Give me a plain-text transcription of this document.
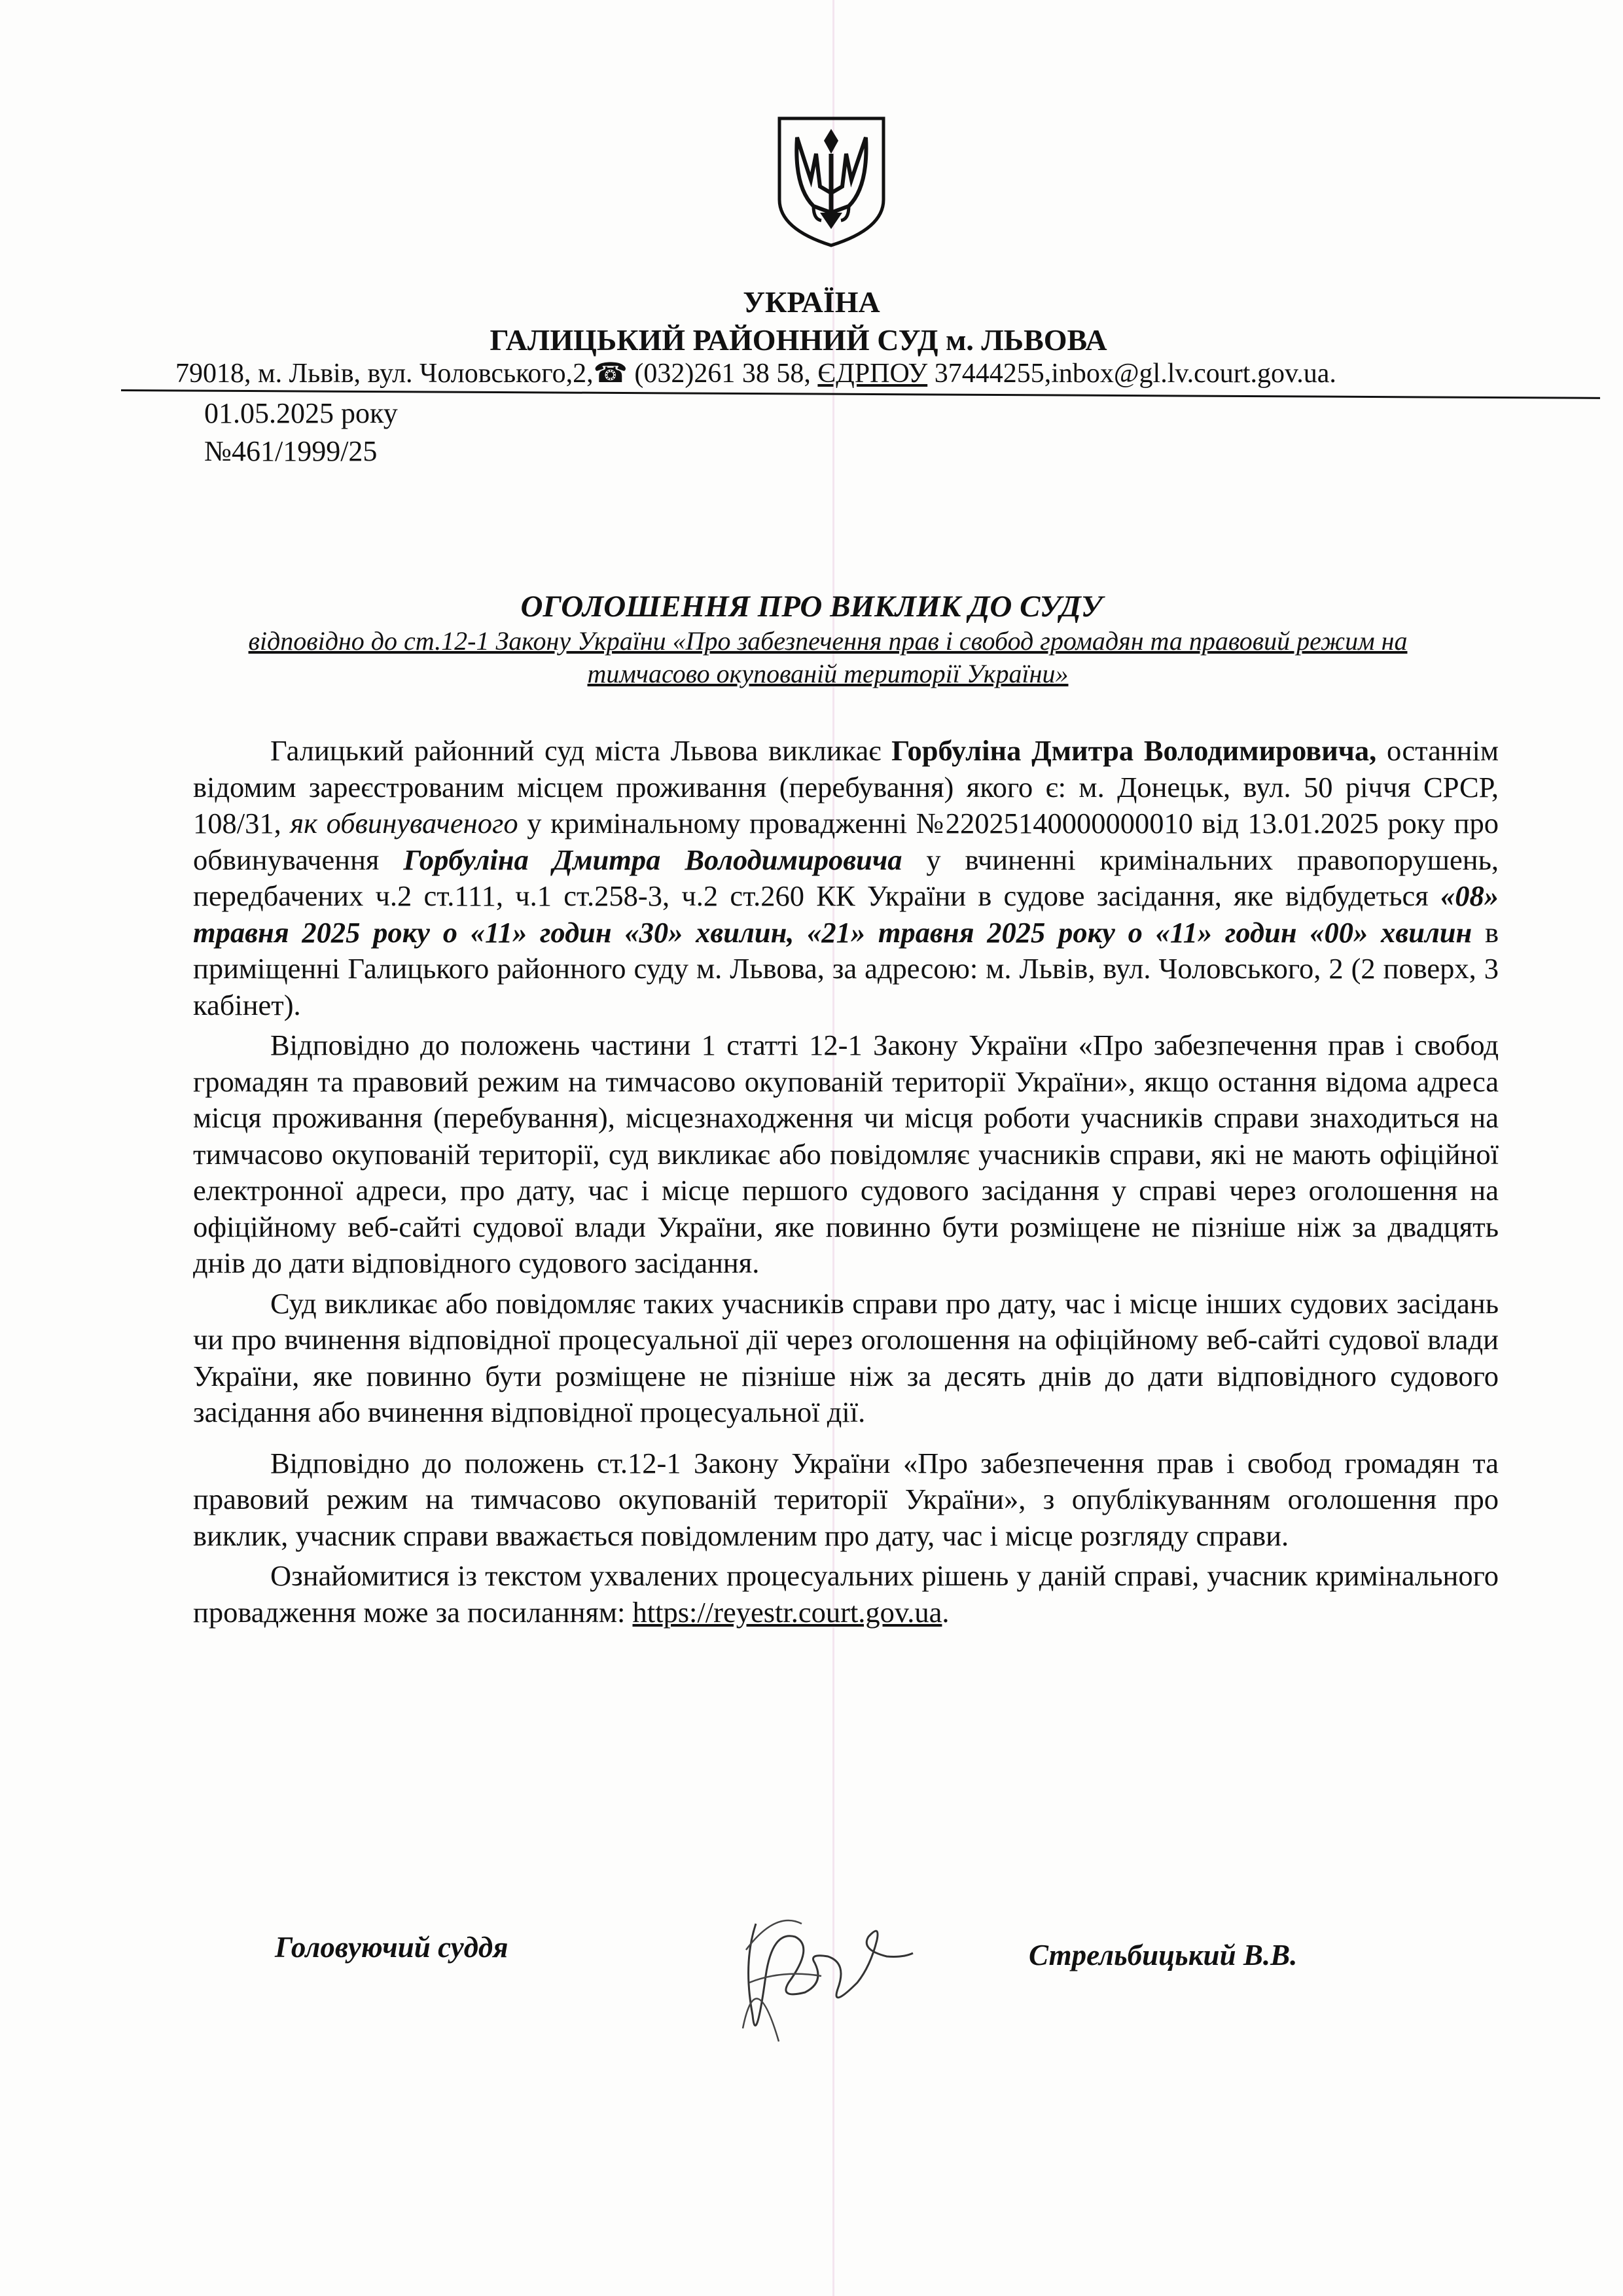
УКРАЇНА
ГАЛИЦЬКИЙ РАЙОННИЙ СУД м. ЛЬВОВА
79018, м. Львів, вул. Чоловського,2,☎ (032)261 38 58, ЄДРПОУ 37444255,inbox@gl.lv.court.gov.ua.
01.05.2025 року
№461/1999/25
ОГОЛОШЕННЯ ПРО ВИКЛИК ДО СУДУ
відповідно до ст.12-1 Закону України «Про забезпечення прав і свобод громадян та правовий режим на тимчасово окупованій території України»

Галицький районний суд міста Львова викликає Горбуліна Дмитра Володимировича, останнім відомим зареєстрованим місцем проживання (перебування) якого є: м. Донецьк, вул. 50 річчя СРСР, 108/31, як обвинуваченого у кримінальному провадженні №22025140000000010 від 13.01.2025 року про обвинувачення Горбуліна Дмитра Володимировича у вчиненні кримінальних правопорушень, передбачених ч.2 ст.111, ч.1 ст.258-3, ч.2 ст.260 КК України в судове засідання, яке відбудеться «08» травня 2025 року о «11» годин «30» хвилин, «21» травня 2025 року о «11» годин «00» хвилин в приміщенні Галицького районного суду м. Львова, за адресою: м. Львів, вул. Чоловського, 2 (2 поверх, 3 кабінет).

Відповідно до положень частини 1 статті 12-1 Закону України «Про забезпечення прав і свобод громадян та правовий режим на тимчасово окупованій території України», якщо остання відома адреса місця проживання (перебування), місцезнаходження чи місця роботи учасників справи знаходиться на тимчасово окупованій території, суд викликає або повідомляє учасників справи, які не мають офіційної електронної адреси, про дату, час і місце першого судового засідання у справі через оголошення на офіційному веб-сайті судової влади України, яке повинно бути розміщене не пізніше ніж за двадцять днів до дати відповідного судового засідання.

Суд викликає або повідомляє таких учасників справи про дату, час і місце інших судових засідань чи про вчинення відповідної процесуальної дії через оголошення на офіційному веб-сайті судової влади України, яке повинно бути розміщене не пізніше ніж за десять днів до дати відповідного судового засідання або вчинення відповідної процесуальної дії.

Відповідно до положень ст.12-1 Закону України «Про забезпечення прав і свобод громадян та правовий режим на тимчасово окупованій території України», з опублікуванням оголошення про виклик, учасник справи вважається повідомленим про дату, час і місце розгляду справи.

Ознайомитися із текстом ухвалених процесуальних рішень у даній справі, учасник кримінального провадження може за посиланням: https://reyestr.court.gov.ua.

Головуючий суддя	Стрельбицький В.В.
